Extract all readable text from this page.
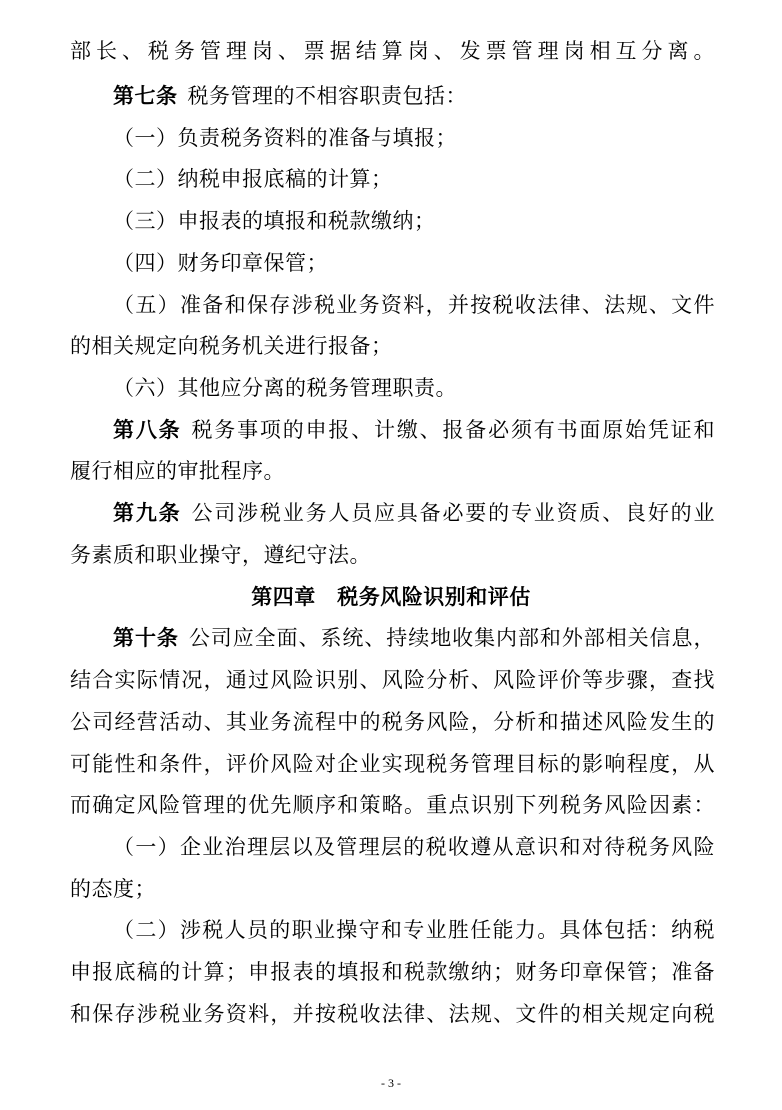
部长、税务管理岗、票据结算岗、发票管理岗相互分离。
第七条 税务管理的不相容职责包括：
（一）负责税务资料的准备与填报；
（二）纳税申报底稿的计算；
（三）申报表的填报和税款缴纳；
（四）财务印章保管；
（五）准备和保存涉税业务资料，并按税收法律、法规、文件
的相关规定向税务机关进行报备；
（六）其他应分离的税务管理职责。
第八条 税务事项的申报、计缴、报备必须有书面原始凭证和
履行相应的审批程序。
第九条 公司涉税业务人员应具备必要的专业资质、良好的业
务素质和职业操守，遵纪守法。
第四章　税务风险识别和评估
第十条 公司应全面、系统、持续地收集内部和外部相关信息，
结合实际情况，通过风险识别、风险分析、风险评价等步骤，查找
公司经营活动、其业务流程中的税务风险，分析和描述风险发生的
可能性和条件，评价风险对企业实现税务管理目标的影响程度，从
而确定风险管理的优先顺序和策略。重点识别下列税务风险因素：
（一）企业治理层以及管理层的税收遵从意识和对待税务风险
的态度；
（二）涉税人员的职业操守和专业胜任能力。具体包括：纳税
申报底稿的计算；申报表的填报和税款缴纳；财务印章保管；准备
和保存涉税业务资料，并按税收法律、法规、文件的相关规定向税
- 3 -
